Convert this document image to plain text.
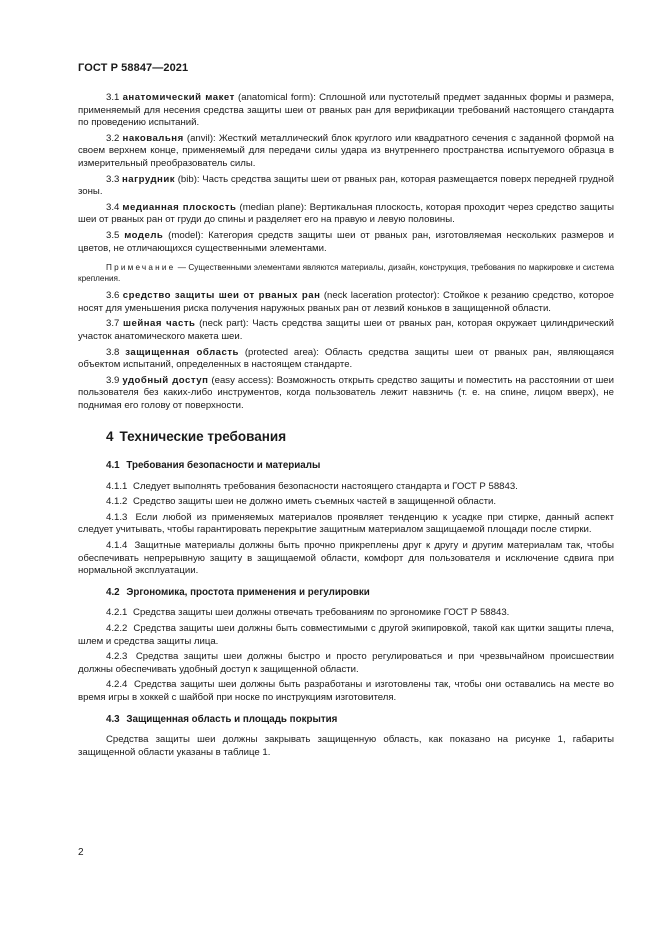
ГОСТ Р 58847—2021

3.1 анатомический макет (anatomical form): Сплошной или пустотелый предмет заданных формы и размера, применяемый для несения средства защиты шеи от рваных ран для верификации требований настоящего стандарта по проведению испытаний.

3.2 наковальня (anvil): Жесткий металлический блок круглого или квадратного сечения с заданной формой на своем верхнем конце, применяемый для передачи силы удара из внутреннего пространства испытуемого образца в измерительный преобразователь силы.

3.3 нагрудник (bib): Часть средства защиты шеи от рваных ран, которая размещается поверх передней грудной зоны.

3.4 медианная плоскость (median plane): Вертикальная плоскость, которая проходит через средство защиты шеи от рваных ран от груди до спины и разделяет его на правую и левую половины.

3.5 модель (model): Категория средств защиты шеи от рваных ран, изготовляемая нескольких размеров и цветов, не отличающихся существенными элементами.

Примечание — Существенными элементами являются материалы, дизайн, конструкция, требования по маркировке и система крепления.

3.6 средство защиты шеи от рваных ран (neck laceration protector): Стойкое к резанию средство, которое носят для уменьшения риска получения наружных рваных ран от лезвий коньков в защищенной области.

3.7 шейная часть (neck part): Часть средства защиты шеи от рваных ран, которая окружает цилиндрический участок анатомического макета шеи.

3.8 защищенная область (protected area): Область средства защиты шеи от рваных ран, являющаяся объектом испытаний, определенных в настоящем стандарте.

3.9 удобный доступ (easy access): Возможность открыть средство защиты и поместить на расстоянии от шеи пользователя без каких-либо инструментов, когда пользователь лежит навзничь (т. е. на спине, лицом вверх), не поднимая его голову от поверхности.

4 Технические требования
4.1 Требования безопасности и материалы

4.1.1 Следует выполнять требования безопасности настоящего стандарта и ГОСТ Р 58843.

4.1.2 Средство защиты шеи не должно иметь съемных частей в защищенной области.

4.1.3 Если любой из применяемых материалов проявляет тенденцию к усадке при стирке, данный аспект следует учитывать, чтобы гарантировать перекрытие защитным материалом защищаемой площади после стирки.

4.1.4 Защитные материалы должны быть прочно прикреплены друг к другу и другим материалам так, чтобы обеспечивать непрерывную защиту в защищаемой области, комфорт для пользователя и исключение сдвига при нормальной эксплуатации.

4.2 Эргономика, простота применения и регулировки

4.2.1 Средства защиты шеи должны отвечать требованиям по эргономике ГОСТ Р 58843.

4.2.2 Средства защиты шеи должны быть совместимыми с другой экипировкой, такой как щитки защиты плеча, шлем и средства защиты лица.

4.2.3 Средства защиты шеи должны быстро и просто регулироваться и при чрезвычайном происшествии должны обеспечивать удобный доступ к защищенной области.

4.2.4 Средства защиты шеи должны быть разработаны и изготовлены так, чтобы они оставались на месте во время игры в хоккей с шайбой при носке по инструкциям изготовителя.

4.3 Защищенная область и площадь покрытия

Средства защиты шеи должны закрывать защищенную область, как показано на рисунке 1, габариты защищенной области указаны в таблице 1.

2
